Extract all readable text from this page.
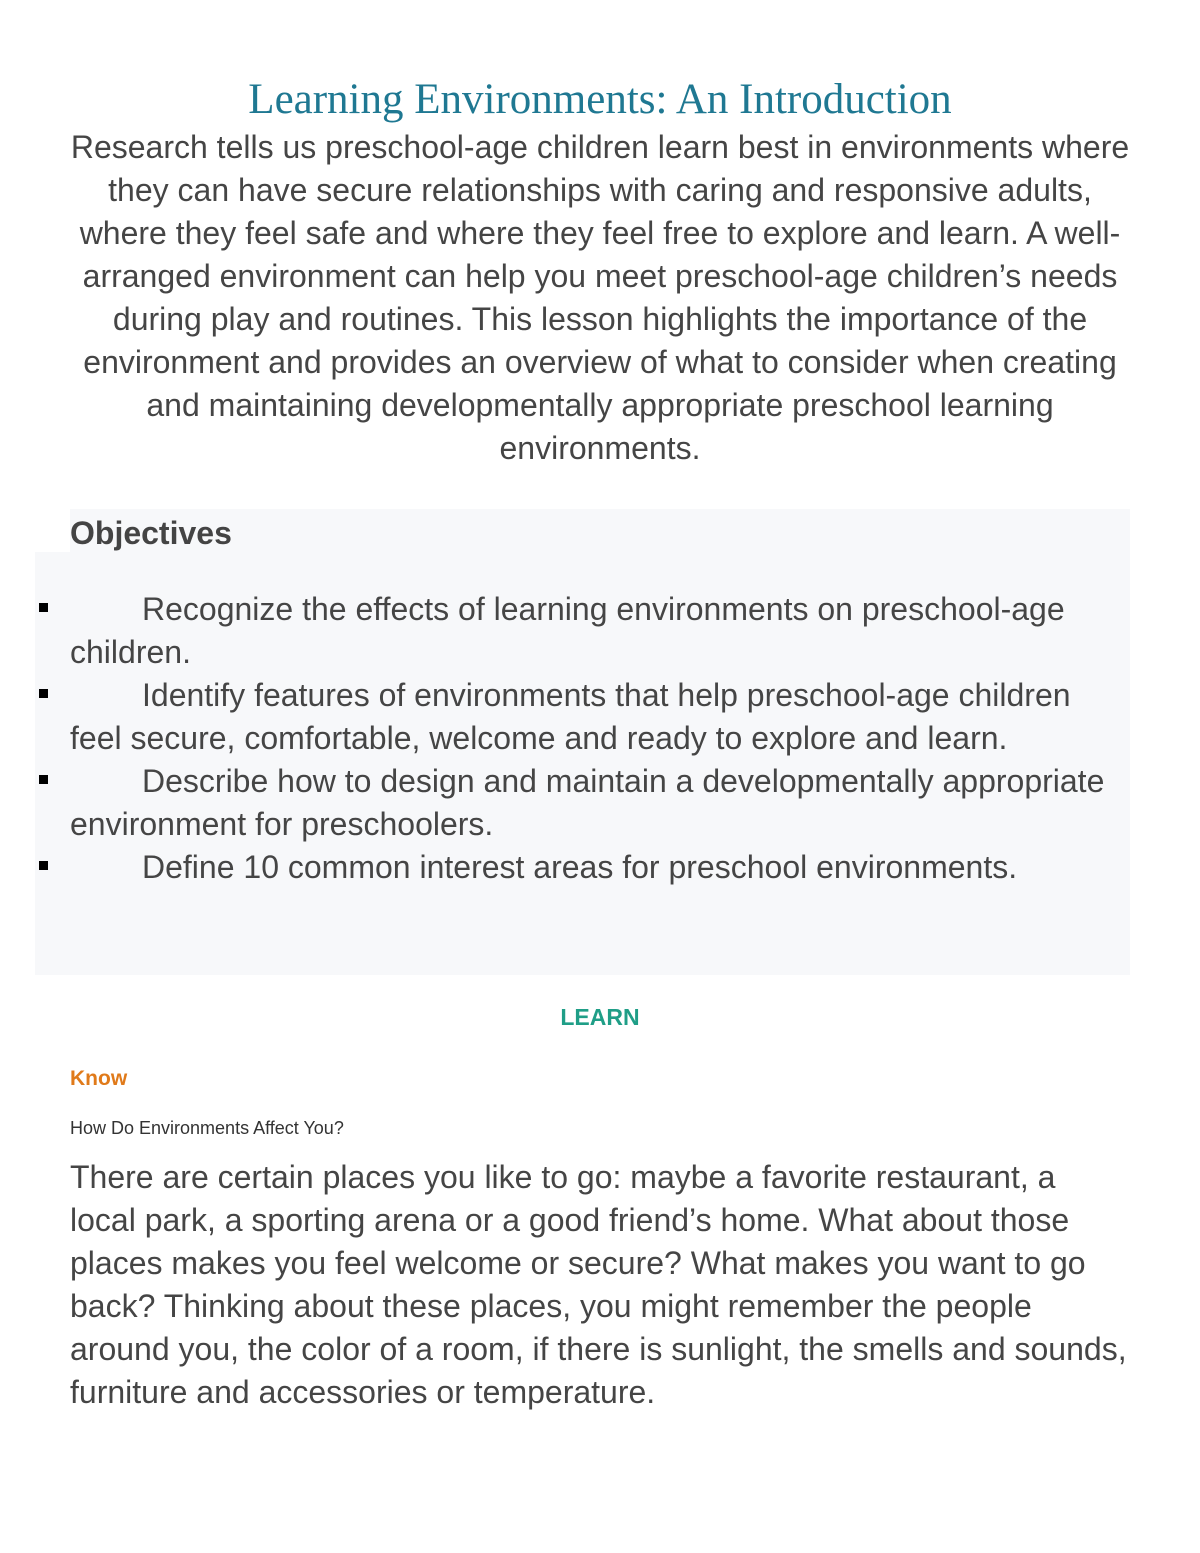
Learning Environments: An Introduction

Research tells us preschool-age children learn best in environments where they can have secure relationships with caring and responsive adults, where they feel safe and where they feel free to explore and learn. A well-arranged environment can help you meet preschool-age children’s needs during play and routines. This lesson highlights the importance of the environment and provides an overview of what to consider when creating and maintaining developmentally appropriate preschool learning environments.

Objectives
Recognize the effects of learning environments on preschool-age children.
Identify features of environments that help preschool-age children feel secure, comfortable, welcome and ready to explore and learn.
Describe how to design and maintain a developmentally appropriate environment for preschoolers.
Define 10 common interest areas for preschool environments.

LEARN

Know

How Do Environments Affect You?

There are certain places you like to go: maybe a favorite restaurant, a local park, a sporting arena or a good friend’s home. What about those places makes you feel welcome or secure? What makes you want to go back? Thinking about these places, you might remember the people around you, the color of a room, if there is sunlight, the smells and sounds, furniture and accessories or temperature.
